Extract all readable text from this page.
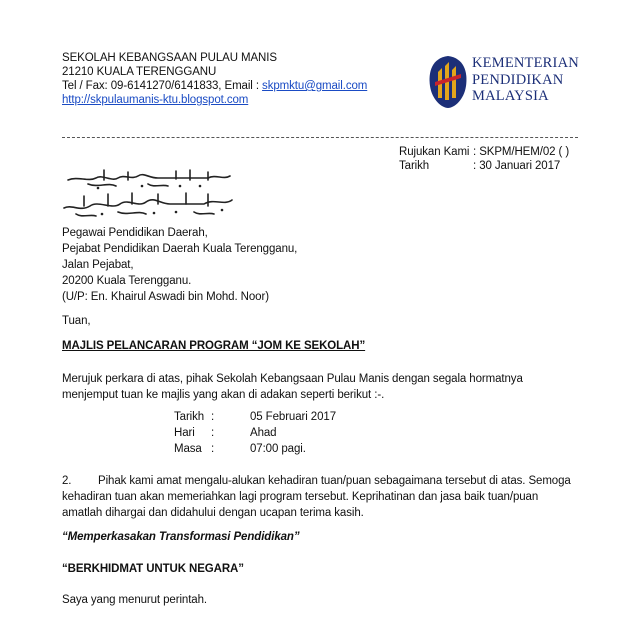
SEKOLAH KEBANGSAAN PULAU MANIS
21210 KUALA TERENGGANU
Tel / Fax: 09-6141270/6141833, Email : skpmktu@gmail.com
http://skpulaumanis-ktu.blogspot.com
KEMENTERIAN
PENDIDIKAN
MALAYSIA
Rujukan Kami : SKPM/HEM/02 ( )
Tarikh	: 30 Januari 2017
Pegawai Pendidikan Daerah,
Pejabat Pendidikan Daerah Kuala Terengganu,
Jalan Pejabat,
20200 Kuala Terengganu.
(U/P: En. Khairul Aswadi bin Mohd. Noor)
Tuan,
MAJLIS PELANCARAN PROGRAM “JOM KE SEKOLAH”
Merujuk perkara di atas, pihak Sekolah Kebangsaan Pulau Manis dengan segala hormatnya
menjemput tuan ke majlis yang akan di adakan seperti berikut :-.
Tarikh :	05 Februari 2017
Hari :	Ahad
Masa :	07:00 pagi.
2. Pihak kami amat mengalu-alukan kehadiran tuan/puan sebagaimana tersebut di atas. Semoga
kehadiran tuan akan memeriahkan lagi program tersebut. Keprihatinan dan jasa baik tuan/puan
amatlah dihargai dan didahului dengan ucapan terima kasih.
“Memperkasakan Transformasi Pendidikan”
“BERKHIDMAT UNTUK NEGARA”
Saya yang menurut perintah.
